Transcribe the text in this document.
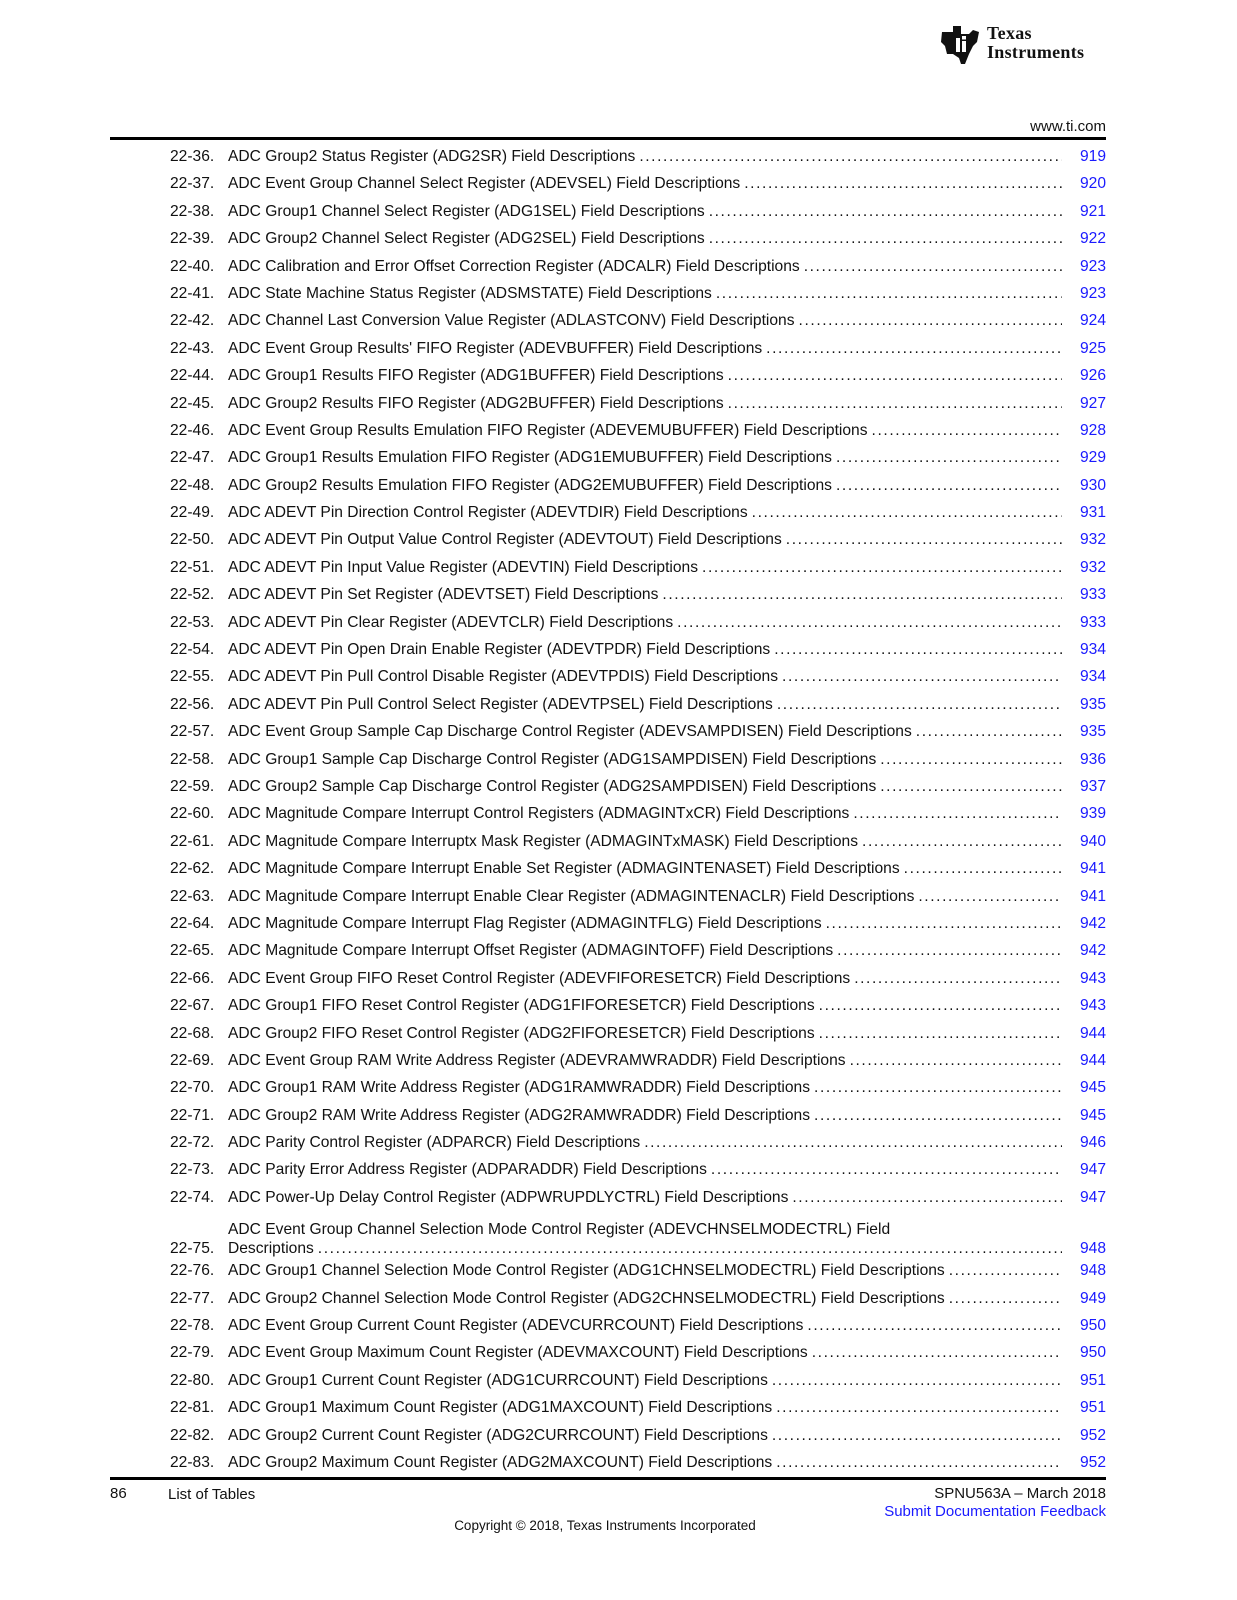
Texas
Instruments
www.ti.com
22-36. ADC Group2 Status Register (ADG2SR) Field Descriptions .....	919
22-37. ADC Event Group Channel Select Register (ADEVSEL) Field Descriptions .....	920
22-38. ADC Group1 Channel Select Register (ADG1SEL) Field Descriptions .....	921
22-39. ADC Group2 Channel Select Register (ADG2SEL) Field Descriptions .....	922
22-40. ADC Calibration and Error Offset Correction Register (ADCALR) Field Descriptions .....	923
22-41. ADC State Machine Status Register (ADSMSTATE) Field Descriptions .....	923
22-42. ADC Channel Last Conversion Value Register (ADLASTCONV) Field Descriptions .....	924
22-43. ADC Event Group Results' FIFO Register (ADEVBUFFER) Field Descriptions .....	925
22-44. ADC Group1 Results FIFO Register (ADG1BUFFER) Field Descriptions .....	926
22-45. ADC Group2 Results FIFO Register (ADG2BUFFER) Field Descriptions .....	927
22-46. ADC Event Group Results Emulation FIFO Register (ADEVEMUBUFFER) Field Descriptions .....	928
22-47. ADC Group1 Results Emulation FIFO Register (ADG1EMUBUFFER) Field Descriptions .....	929
22-48. ADC Group2 Results Emulation FIFO Register (ADG2EMUBUFFER) Field Descriptions .....	930
22-49. ADC ADEVT Pin Direction Control Register (ADEVTDIR) Field Descriptions .....	931
22-50. ADC ADEVT Pin Output Value Control Register (ADEVTOUT) Field Descriptions .....	932
22-51. ADC ADEVT Pin Input Value Register (ADEVTIN) Field Descriptions .....	932
22-52. ADC ADEVT Pin Set Register (ADEVTSET) Field Descriptions .....	933
22-53. ADC ADEVT Pin Clear Register (ADEVTCLR) Field Descriptions .....	933
22-54. ADC ADEVT Pin Open Drain Enable Register (ADEVTPDR) Field Descriptions .....	934
22-55. ADC ADEVT Pin Pull Control Disable Register (ADEVTPDIS) Field Descriptions .....	934
22-56. ADC ADEVT Pin Pull Control Select Register (ADEVTPSEL) Field Descriptions .....	935
22-57. ADC Event Group Sample Cap Discharge Control Register (ADEVSAMPDISEN) Field Descriptions .....	935
22-58. ADC Group1 Sample Cap Discharge Control Register (ADG1SAMPDISEN) Field Descriptions .....	936
22-59. ADC Group2 Sample Cap Discharge Control Register (ADG2SAMPDISEN) Field Descriptions .....	937
22-60. ADC Magnitude Compare Interrupt Control Registers (ADMAGINTxCR) Field Descriptions .....	939
22-61. ADC Magnitude Compare Interruptx Mask Register (ADMAGINTxMASK) Field Descriptions .....	940
22-62. ADC Magnitude Compare Interrupt Enable Set Register (ADMAGINTENASET) Field Descriptions .....	941
22-63. ADC Magnitude Compare Interrupt Enable Clear Register (ADMAGINTENACLR) Field Descriptions .....	941
22-64. ADC Magnitude Compare Interrupt Flag Register (ADMAGINTFLG) Field Descriptions .....	942
22-65. ADC Magnitude Compare Interrupt Offset Register (ADMAGINTOFF) Field Descriptions .....	942
22-66. ADC Event Group FIFO Reset Control Register (ADEVFIFORESETCR) Field Descriptions .....	943
22-67. ADC Group1 FIFO Reset Control Register (ADG1FIFORESETCR) Field Descriptions .....	943
22-68. ADC Group2 FIFO Reset Control Register (ADG2FIFORESETCR) Field Descriptions .....	944
22-69. ADC Event Group RAM Write Address Register (ADEVRAMWRADDR) Field Descriptions .....	944
22-70. ADC Group1 RAM Write Address Register (ADG1RAMWRADDR) Field Descriptions .....	945
22-71. ADC Group2 RAM Write Address Register (ADG2RAMWRADDR) Field Descriptions .....	945
22-72. ADC Parity Control Register (ADPARCR) Field Descriptions .....	946
22-73. ADC Parity Error Address Register (ADPARADDR) Field Descriptions .....	947
22-74. ADC Power-Up Delay Control Register (ADPWRUPDLYCTRL) Field Descriptions .....	947
22-75.
ADC Event Group Channel Selection Mode Control Register (ADEVCHNSELMODECTRL) Field
Descriptions .....	948
22-76. ADC Group1 Channel Selection Mode Control Register (ADG1CHNSELMODECTRL) Field Descriptions .....	948
22-77. ADC Group2 Channel Selection Mode Control Register (ADG2CHNSELMODECTRL) Field Descriptions .....	949
22-78. ADC Event Group Current Count Register (ADEVCURRCOUNT) Field Descriptions .....	950
22-79. ADC Event Group Maximum Count Register (ADEVMAXCOUNT) Field Descriptions .....	950
22-80. ADC Group1 Current Count Register (ADG1CURRCOUNT) Field Descriptions .....	951
22-81. ADC Group1 Maximum Count Register (ADG1MAXCOUNT) Field Descriptions .....	951
22-82. ADC Group2 Current Count Register (ADG2CURRCOUNT) Field Descriptions .....	952
22-83. ADC Group2 Maximum Count Register (ADG2MAXCOUNT) Field Descriptions .....	952
86	List of Tables	SPNU563A – March 2018
Submit Documentation Feedback
Copyright © 2018, Texas Instruments Incorporated
